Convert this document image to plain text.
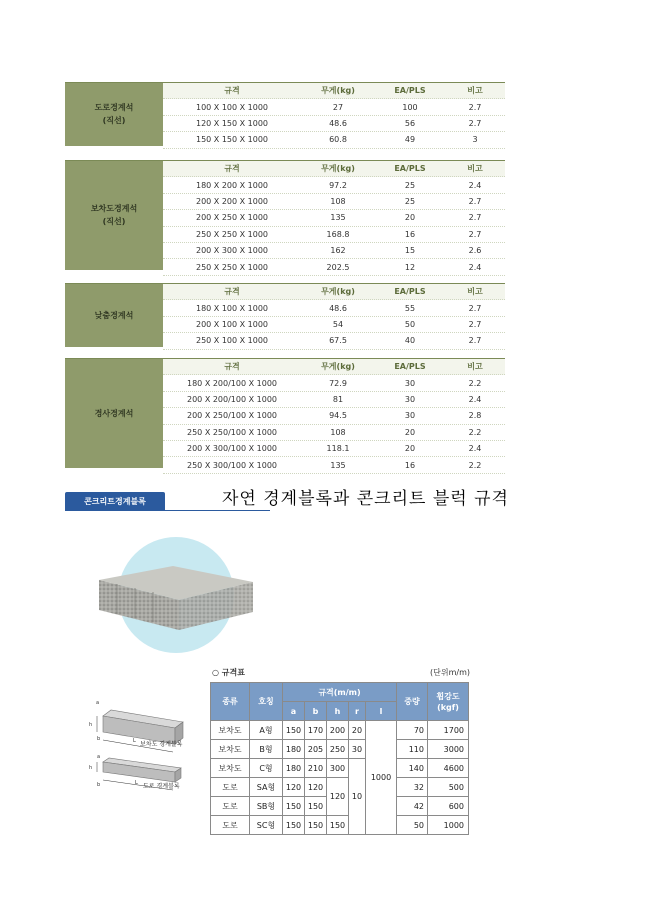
도로경계석
(직선)
규격	무게(kg)	EA/PLS	비고
100 X 100 X 1000	27	100	2.7
120 X 150 X 1000	48.6	56	2.7
150 X 150 X 1000	60.8	49	3
보차도경계석
(직선)
규격	무게(kg)	EA/PLS	비고
180 X 200 X 1000	97.2	25	2.4
200 X 200 X 1000	108	25	2.7
200 X 250 X 1000	135	20	2.7
250 X 250 X 1000	168.8	16	2.7
200 X 300 X 1000	162	15	2.6
250 X 250 X 1000	202.5	12	2.4
낮춤경계석
규격	무게(kg)	EA/PLS	비고
180 X 100 X 1000	48.6	55	2.7
200 X 100 X 1000	54	50	2.7
250 X 100 X 1000	67.5	40	2.7
경사경계석
규격	무게(kg)	EA/PLS	비고
180 X 200/100 X 1000	72.9	30	2.2
200 X 200/100 X 1000	81	30	2.4
200 X 250/100 X 1000	94.5	30	2.8
250 X 250/100 X 1000	108	20	2.2
200 X 300/100 X 1000	118.1	20	2.4
250 X 300/100 X 1000	135	16	2.2
콘크리트경계블록	자연 경계블록과 콘크리트 블럭 규격
a
h
b	L 보차도 경계블록
a
h
b	L 도로 경계블록
○ 규격표	(단위m/m)
종류	호칭	규격(m/m)					중량	휨강도
(kgf)
		a	b	h	r	l		
보차도	A형	150	170	200	20	1000	70	1700
보차도	B형	180	205	250	30		110	3000
보차도	C형	180	210	300	10		140	4600
도로	SA형	120	120	120			32	500
도로	SB형	150	150				42	600
도로	SC형	150	150	150			50	1000
